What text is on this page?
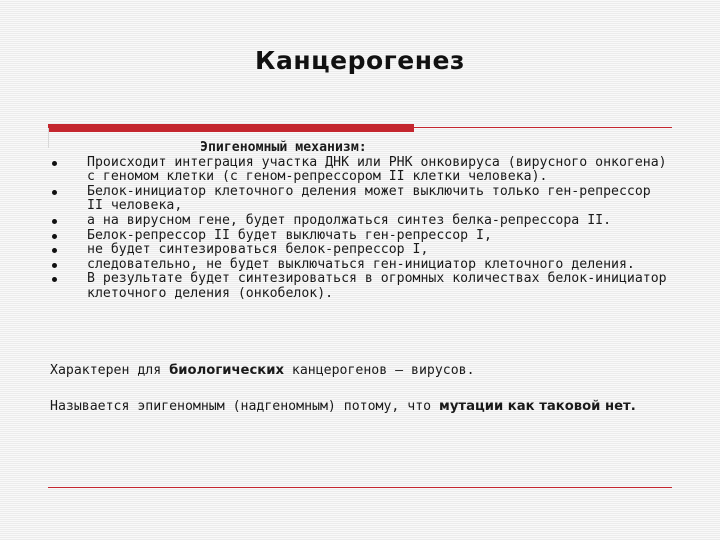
Канцерогенез
Эпигеномный механизм:
Происходит интеграция участка ДНК или РНК онковируса (вирусного онкогена) с геномом клетки (с геном-репрессором II клетки человека).
Белок-инициатор клеточного деления может выключить только ген-репрессор II человека,
а на вирусном гене, будет продолжаться синтез белка-репрессора II.
Белок-репрессор II будет выключать ген-репрессор I,
не будет синтезироваться белок-репрессор I,
следовательно, не будет выключаться ген-инициатор клеточного деления.
В результате будет синтезироваться в огромных количествах белок-инициатор клеточного деления (онкобелок).
Характерен для биологических канцерогенов – вирусов.
Называется эпигеномным (надгеномным) потому, что мутации как таковой нет.
